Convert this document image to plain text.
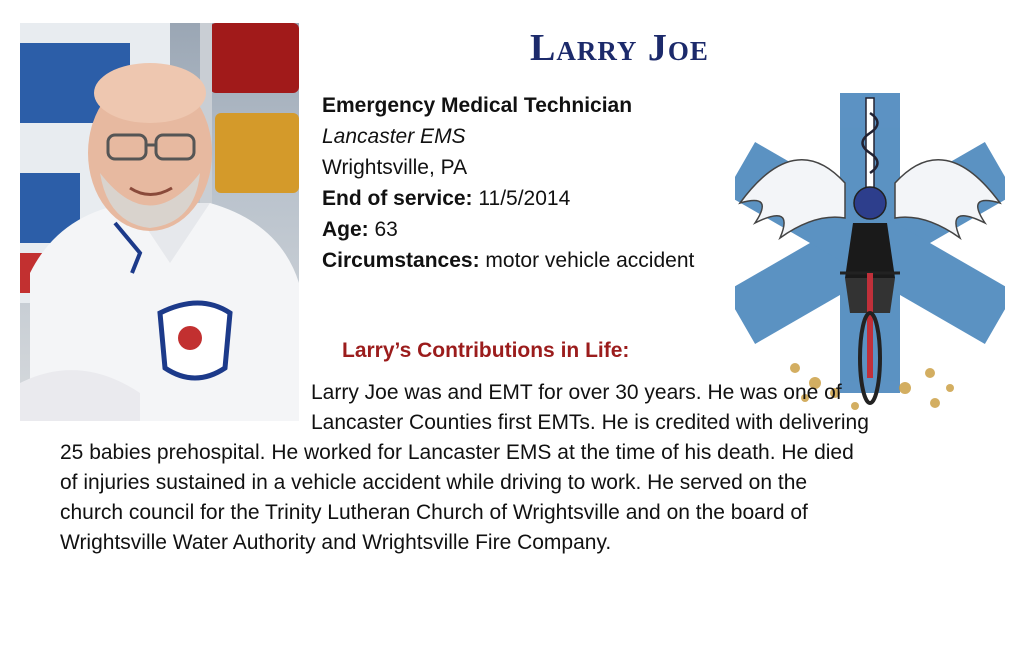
Larry Joe
Emergency Medical Technician
Lancaster EMS
Wrightsville, PA
End of service: 11/5/2014
Age: 63
Circumstances: motor vehicle accident
Larry’s Contributions in Life:
Larry Joe was and EMT for over 30 years. He was one of
Lancaster Counties first EMTs. He is credited with delivering
25 babies prehospital. He worked for Lancaster EMS at the time of his death. He died
of injuries sustained in a vehicle accident while driving to work. He served on the
church council for the Trinity Lutheran Church of Wrightsville and on the board of
Wrightsville Water Authority and Wrightsville Fire Company.
